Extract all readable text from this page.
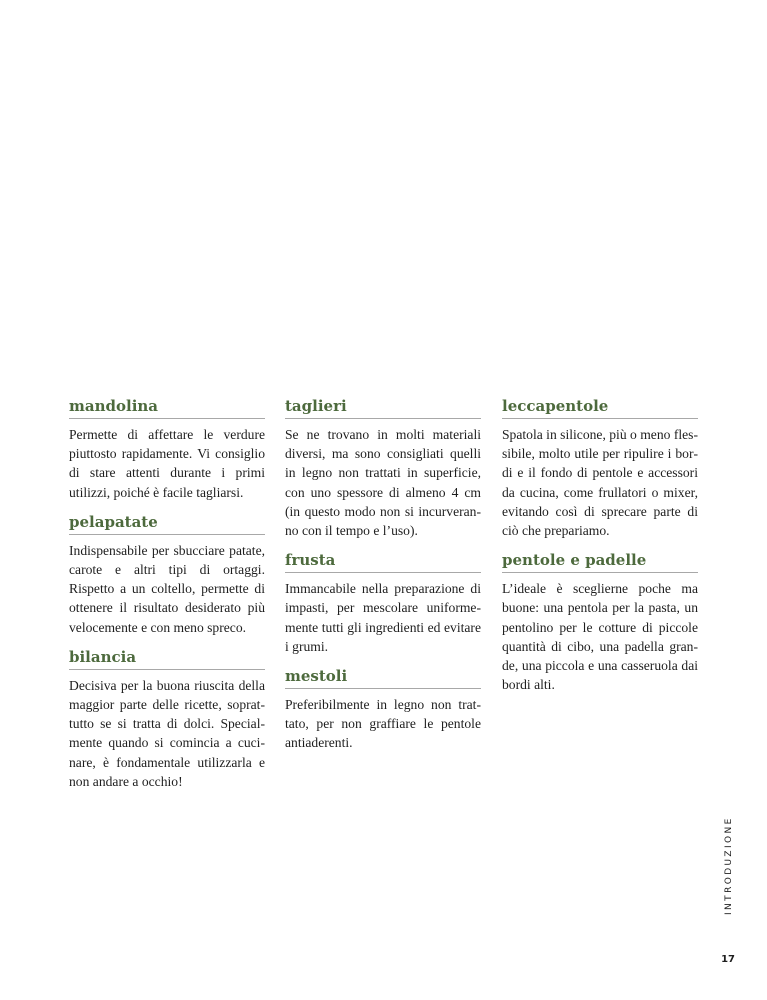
mandolina

Permette di affettare le verdure piuttosto rapidamente. Vi consiglio di stare attenti durante i primi utilizzi, poiché è facile tagliarsi.

pelapatate

Indispensabile per sbucciare patate, carote e altri tipi di ortaggi. Rispetto a un coltello, permette di ottenere il risultato desiderato più velocemente e con meno spreco.

bilancia

Decisiva per la buona riuscita della maggior parte delle ricette, soprattutto se si tratta di dolci. Specialmente quando si comincia a cucinare, è fondamentale utilizzarla e non andare a occhio!

taglieri

Se ne trovano in molti materiali diversi, ma sono consigliati quelli in legno non trattati in superficie, con uno spessore di almeno 4 cm (in questo modo non si incurveranno con il tempo e l’uso).

frusta

Immancabile nella preparazione di impasti, per mescolare uniformemente tutti gli ingredienti ed evitare i grumi.

mestoli

Preferibilmente in legno non trattato, per non graffiare le pentole antiaderenti.

leccapentole

Spatola in silicone, più o meno flessibile, molto utile per ripulire i bordi e il fondo di pentole e accessori da cucina, come frullatori o mixer, evitando così di sprecare parte di ciò che prepariamo.

pentole e padelle

L’ideale è sceglierne poche ma buone: una pentola per la pasta, un pentolino per le cotture di piccole quantità di cibo, una padella grande, una piccola e una casseruola dai bordi alti.

INTRODUZIONE
17
